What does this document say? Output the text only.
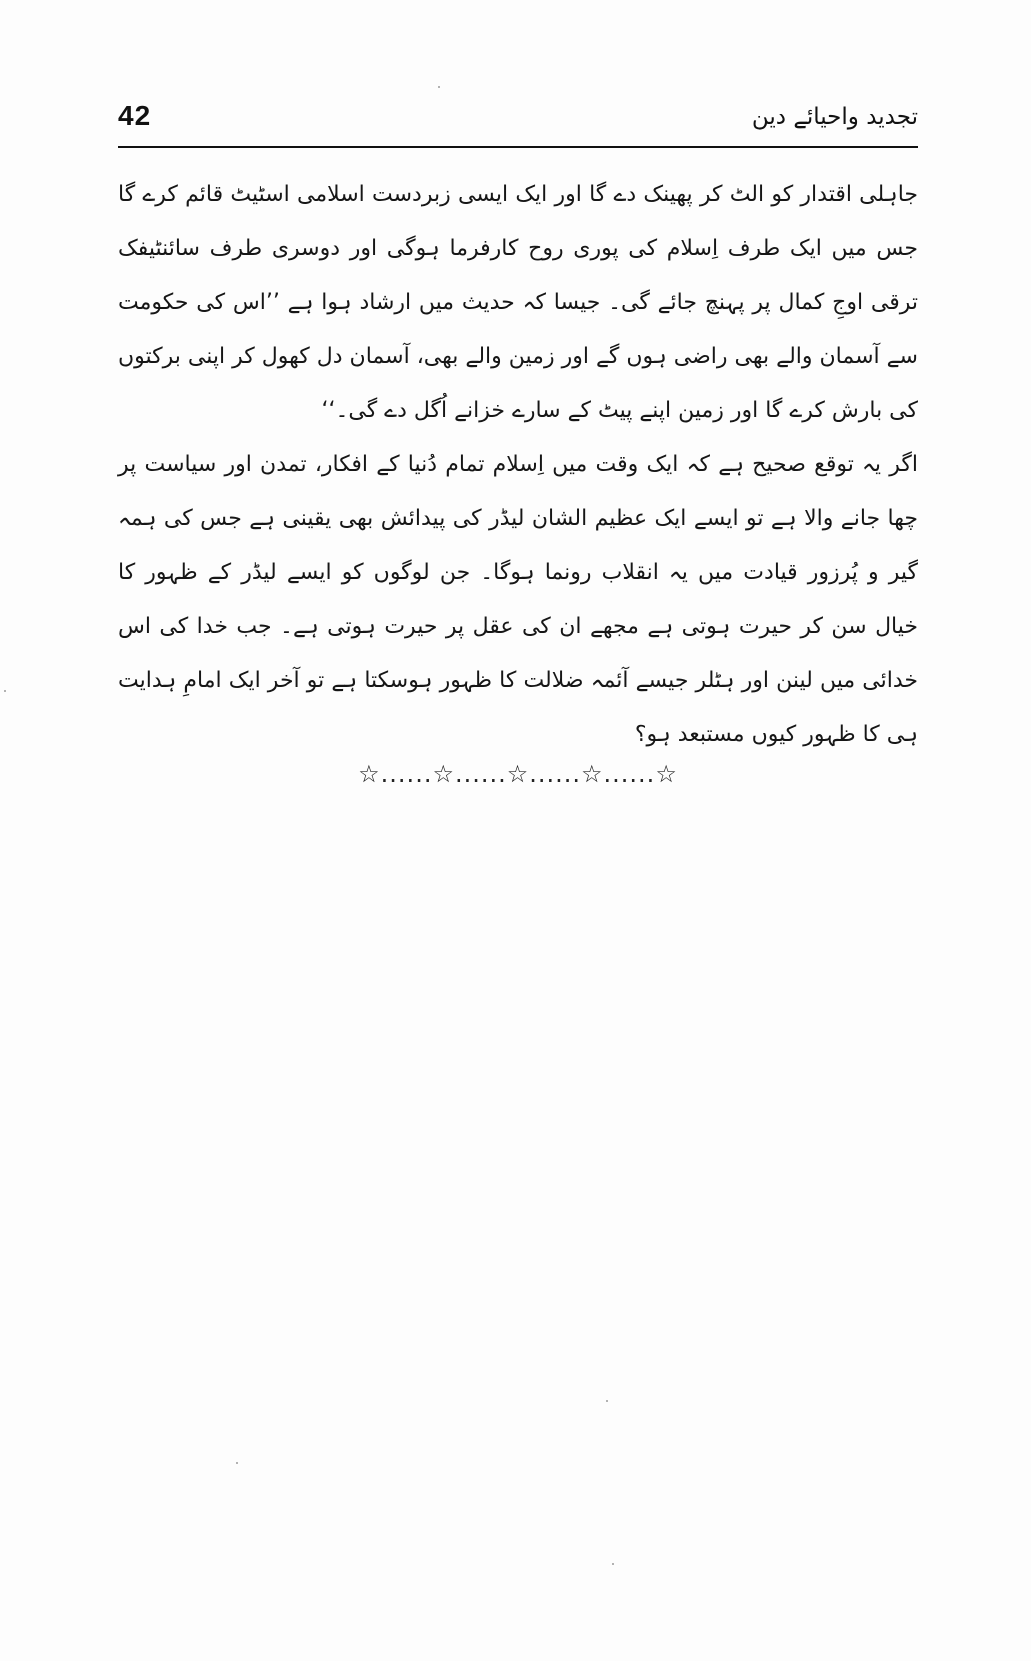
42	تجدید واحیائے دین

جاہلی اقتدار کو الٹ کر پھینک دے گا اور ایک ایسی زبردست اسلامی اسٹیٹ قائم کرے گا جس میں ایک طرف اِسلام کی پوری روح کارفرما ہوگی اور دوسری طرف سائنٹیفک ترقی اوجِ کمال پر پہنچ جائے گی۔ جیسا کہ حدیث میں ارشاد ہوا ہے ’’اس کی حکومت سے آسمان والے بھی راضی ہوں گے اور زمین والے بھی، آسمان دل کھول کر اپنی برکتوں کی بارش کرے گا اور زمین اپنے پیٹ کے سارے خزانے اُگل دے گی۔‘‘

اگر یہ توقع صحیح ہے کہ ایک وقت میں اِسلام تمام دُنیا کے افکار، تمدن اور سیاست پر چھا جانے والا ہے تو ایسے ایک عظیم الشان لیڈر کی پیدائش بھی یقینی ہے جس کی ہمہ گیر و پُرزور قیادت میں یہ انقلاب رونما ہوگا۔ جن لوگوں کو ایسے لیڈر کے ظہور کا خیال سن کر حیرت ہوتی ہے مجھے ان کی عقل پر حیرت ہوتی ہے۔ جب خدا کی اس خدائی میں لینن اور ہٹلر جیسے آئمہ ضلالت کا ظہور ہوسکتا ہے تو آخر ایک امامِ ہدایت ہی کا ظہور کیوں مستبعد ہو؟

☆......☆......☆......☆......☆
